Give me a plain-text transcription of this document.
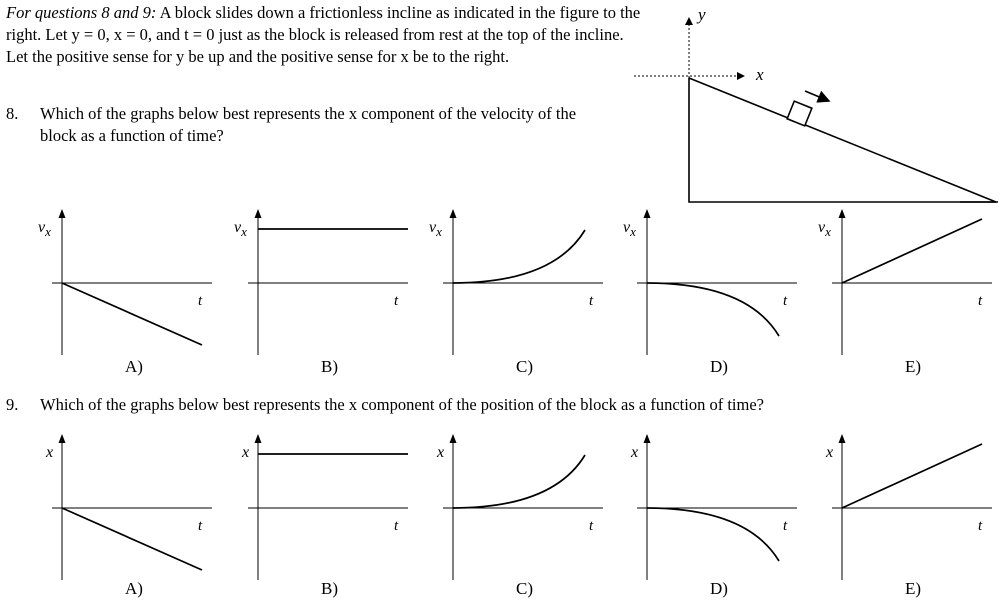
For questions 8 and 9: A block slides down a frictionless incline as indicated in the figure to the right. Let y = 0, x = 0, and t = 0 just as the block is released from rest at the top of the incline. Let the positive sense for y be up and the positive sense for x be to the right.

y
x
8. Which of the graphs below best represents the x component of the velocity of the block as a function of time?
9. Which of the graphs below best represents the x component of the position of the block as a function of time?
$v_x$
t
A)
$v_x$
t
B)
$v_x$
t
C)
$v_x$
t
D)
$v_x$
t
E)
x
t
A)
x
t
B)
x
t
C)
x
t
D)
x
t
E)
